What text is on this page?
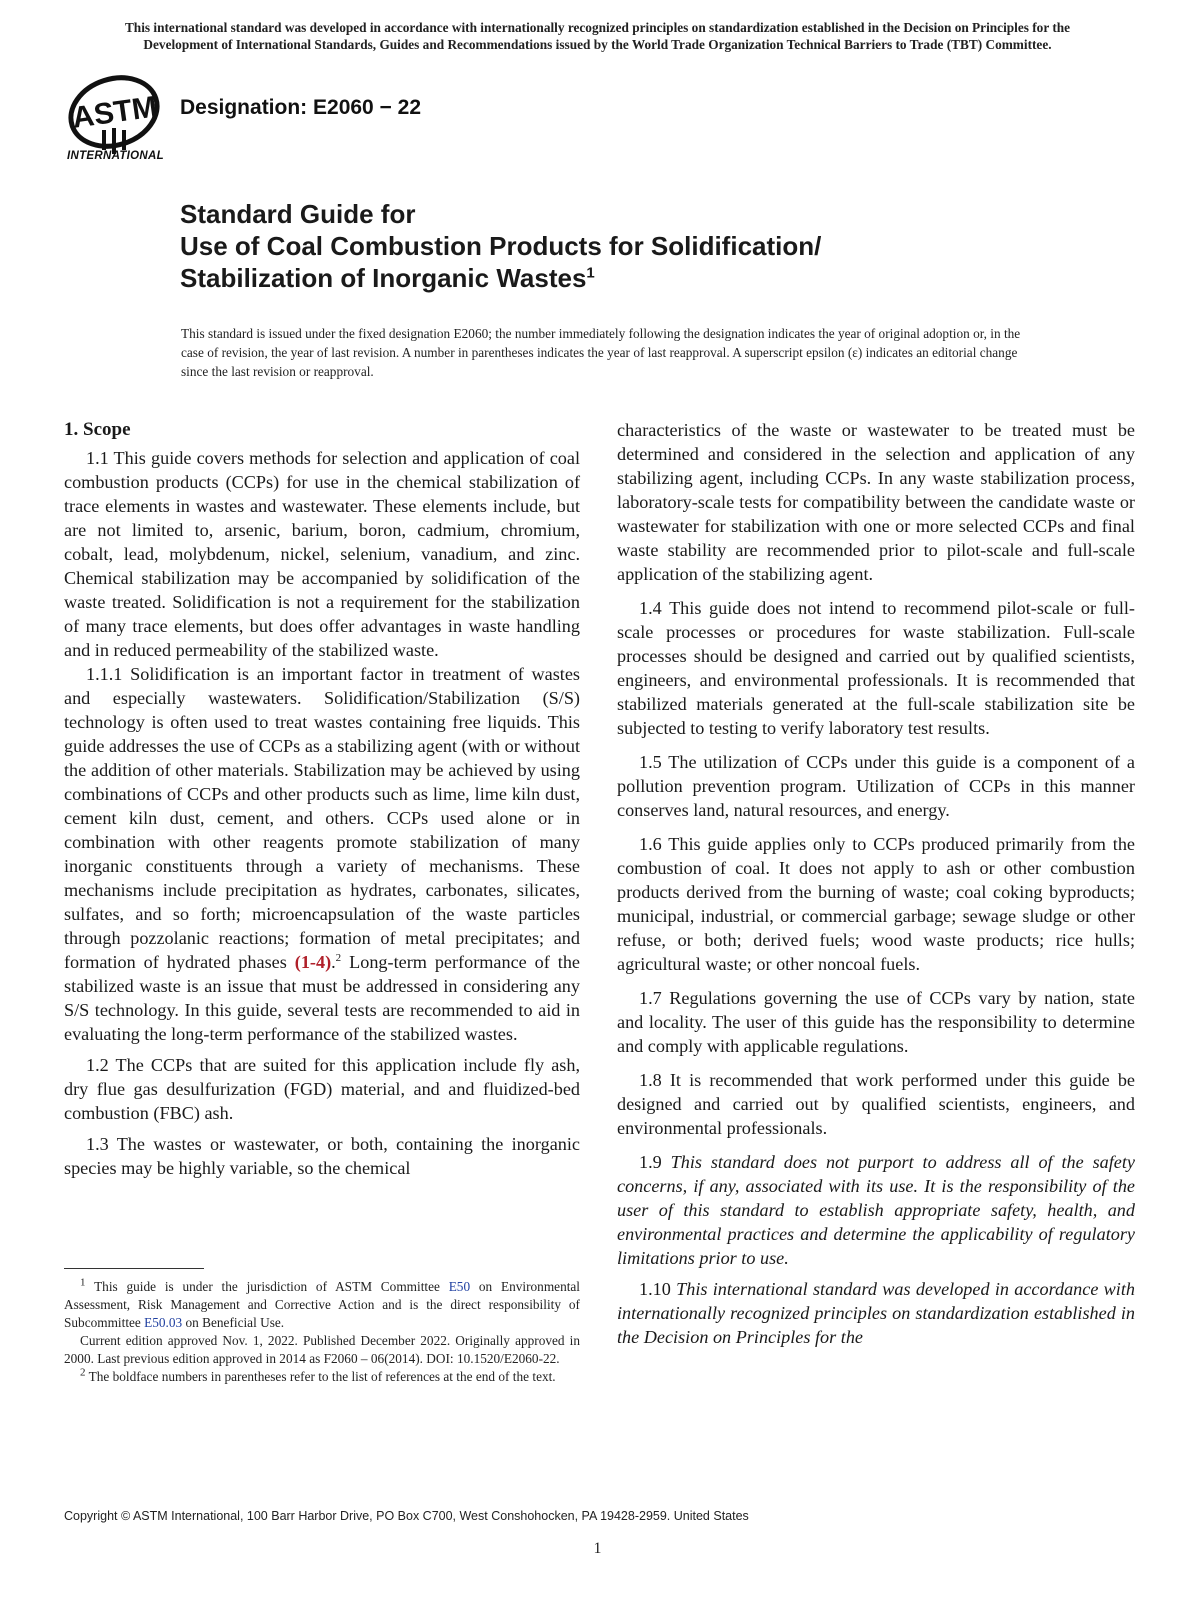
This international standard was developed in accordance with internationally recognized principles on standardization established in the Decision on Principles for the
Development of International Standards, Guides and Recommendations issued by the World Trade Organization Technical Barriers to Trade (TBT) Committee.
ASTM
INTERNATIONAL
Designation: E2060 − 22
Standard Guide for
Use of Coal Combustion Products for Solidification/
Stabilization of Inorganic Wastes$^1$
This standard is issued under the fixed designation E2060; the number immediately following the designation indicates the year of original adoption or, in the case of revision, the year of last revision. A number in parentheses indicates the year of last reapproval. A superscript epsilon (ε) indicates an editorial change since the last revision or reapproval.

1. Scope

1.1 This guide covers methods for selection and application of coal combustion products (CCPs) for use in the chemical stabilization of trace elements in wastes and wastewater. These elements include, but are not limited to, arsenic, barium, boron, cadmium, chromium, cobalt, lead, molybdenum, nickel, selenium, vanadium, and zinc. Chemical stabilization may be accompanied by solidification of the waste treated. Solidification is not a requirement for the stabilization of many trace elements, but does offer advantages in waste handling and in reduced permeability of the stabilized waste.

1.1.1 Solidification is an important factor in treatment of wastes and especially wastewaters. Solidification/Stabilization (S/S) technology is often used to treat wastes containing free liquids. This guide addresses the use of CCPs as a stabilizing agent (with or without the addition of other materials. Stabilization may be achieved by using combinations of CCPs and other products such as lime, lime kiln dust, cement kiln dust, cement, and others. CCPs used alone or in combination with other reagents promote stabilization of many inorganic constituents through a variety of mechanisms. These mechanisms include precipitation as hydrates, carbonates, silicates, sulfates, and so forth; microencapsulation of the waste particles through pozzolanic reactions; formation of metal precipitates; and formation of hydrated phases (1-4).$^2$ Long-term performance of the stabilized waste is an issue that must be addressed in considering any S/S technology. In this guide, several tests are recommended to aid in evaluating the long-term performance of the stabilized wastes.

1.2 The CCPs that are suited for this application include fly ash, dry flue gas desulfurization (FGD) material, and and fluidized-bed combustion (FBC) ash.

1.3 The wastes or wastewater, or both, containing the inorganic species may be highly variable, so the chemical

$^1$ This guide is under the jurisdiction of ASTM Committee E50 on Environmental Assessment, Risk Management and Corrective Action and is the direct responsibility of Subcommittee E50.03 on Beneficial Use.

Current edition approved Nov. 1, 2022. Published December 2022. Originally approved in 2000. Last previous edition approved in 2014 as F2060 – 06(2014). DOI: 10.1520/E2060-22.

$^2$ The boldface numbers in parentheses refer to the list of references at the end of the text.

characteristics of the waste or wastewater to be treated must be determined and considered in the selection and application of any stabilizing agent, including CCPs. In any waste stabilization process, laboratory-scale tests for compatibility between the candidate waste or wastewater for stabilization with one or more selected CCPs and final waste stability are recommended prior to pilot-scale and full-scale application of the stabilizing agent.

1.4 This guide does not intend to recommend pilot-scale or full-scale processes or procedures for waste stabilization. Full-scale processes should be designed and carried out by qualified scientists, engineers, and environmental professionals. It is recommended that stabilized materials generated at the full-scale stabilization site be subjected to testing to verify laboratory test results.

1.5 The utilization of CCPs under this guide is a component of a pollution prevention program. Utilization of CCPs in this manner conserves land, natural resources, and energy.

1.6 This guide applies only to CCPs produced primarily from the combustion of coal. It does not apply to ash or other combustion products derived from the burning of waste; coal coking byproducts; municipal, industrial, or commercial garbage; sewage sludge or other refuse, or both; derived fuels; wood waste products; rice hulls; agricultural waste; or other noncoal fuels.

1.7 Regulations governing the use of CCPs vary by nation, state and locality. The user of this guide has the responsibility to determine and comply with applicable regulations.

1.8 It is recommended that work performed under this guide be designed and carried out by qualified scientists, engineers, and environmental professionals.

1.9 This standard does not purport to address all of the safety concerns, if any, associated with its use. It is the responsibility of the user of this standard to establish appropriate safety, health, and environmental practices and determine the applicability of regulatory limitations prior to use.

1.10 This international standard was developed in accordance with internationally recognized principles on standardization established in the Decision on Principles for the

Copyright © ASTM International, 100 Barr Harbor Drive, PO Box C700, West Conshohocken, PA 19428-2959. United States
1
